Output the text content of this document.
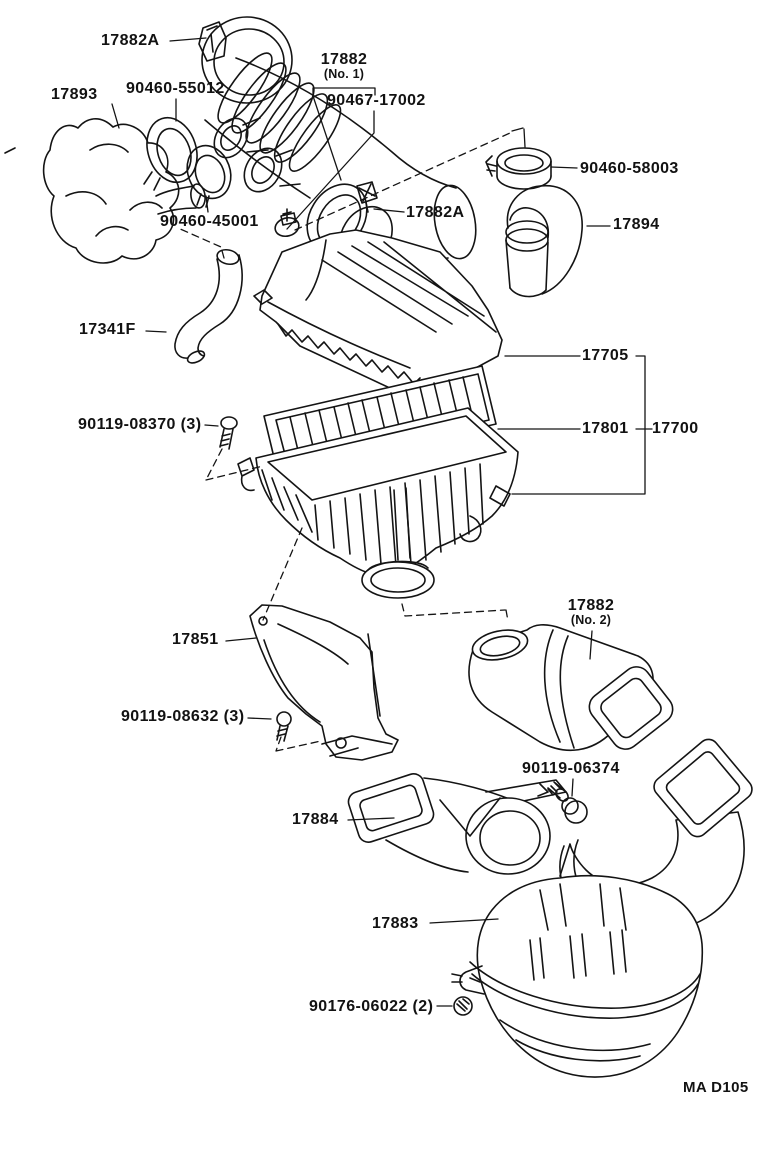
17882A
17882
(No. 1)
17893 90460-55012
90467-17002
90460-58003
17882A
17894
90460-45001
17341F
17705
90119-08370 (3)	17801 17700
17882
(No. 2)
17851
90119-08632 (3)
90119-06374
17884
17883
90176-06022 (2)
MA D105
